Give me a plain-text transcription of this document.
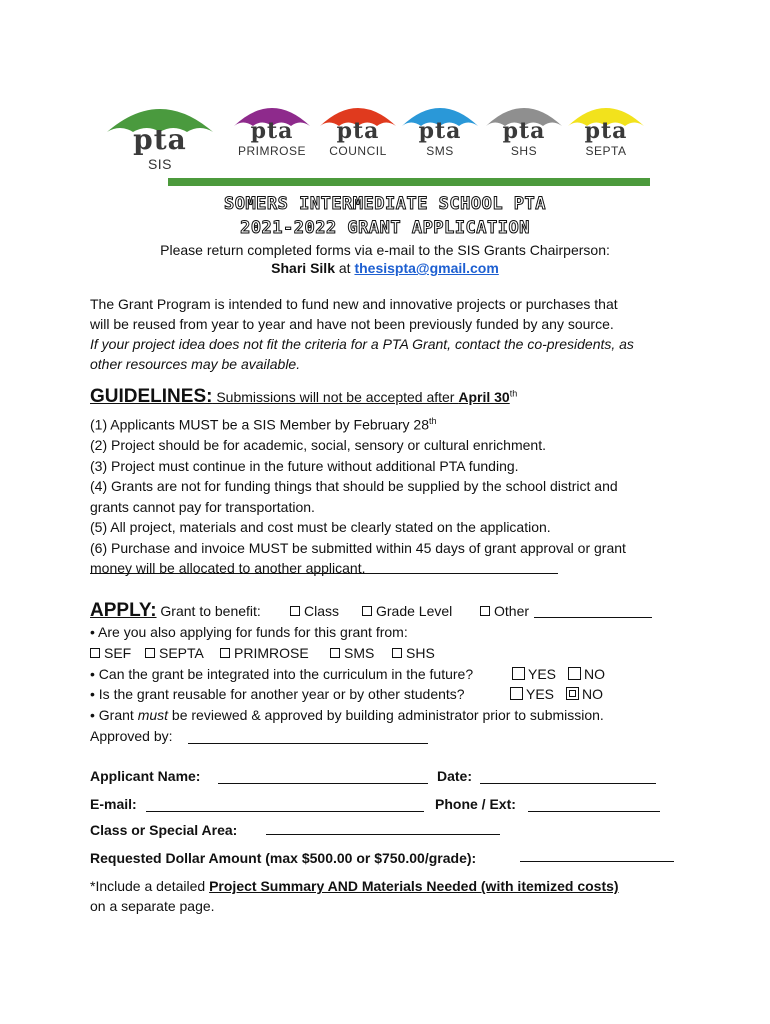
pta
SIS
pta
PRIMROSE
pta
COUNCIL
pta
SMS
pta
SHS
pta
SEPTA
SOMERS INTERMEDIATE SCHOOL PTA
2021-2022 GRANT APPLICATION
Please return completed forms via e-mail to the SIS Grants Chairperson:
Shari Silk at thesispta@gmail.com
The Grant Program is intended to fund new and innovative projects or purchases that
will be reused from year to year and have not been previously funded by any source.
If your project idea does not fit the criteria for a PTA Grant, contact the co-presidents, as
other resources may be available.
GUIDELINES: Submissions will not be accepted after April 30th
(1) Applicants MUST be a SIS Member by February 28th
(2) Project should be for academic, social, sensory or cultural enrichment.
(3) Project must continue in the future without additional PTA funding.
(4) Grants are not for funding things that should be supplied by the school district and
grants cannot pay for transportation.
(5) All project, materials and cost must be clearly stated on the application.
(6) Purchase and invoice MUST be submitted within 45 days of grant approval or grant
money will be allocated to another applicant.
APPLY: Grant to benefit:	Class	Grade Level	Other
• Are you also applying for funds for this grant from:
SEF	SEPTA	PRIMROSE	SMS	SHS
• Can the grant be integrated into the curriculum in the future?	YES	NO
• Is the grant reusable for another year or by other students?	YES	NO
• Grant must be reviewed & approved by building administrator prior to submission.
Approved by:
Applicant Name:	Date:
E-mail:	Phone / Ext:
Class or Special Area:
Requested Dollar Amount (max $500.00 or $750.00/grade):
*Include a detailed Project Summary AND Materials Needed (with itemized costs)
on a separate page.
